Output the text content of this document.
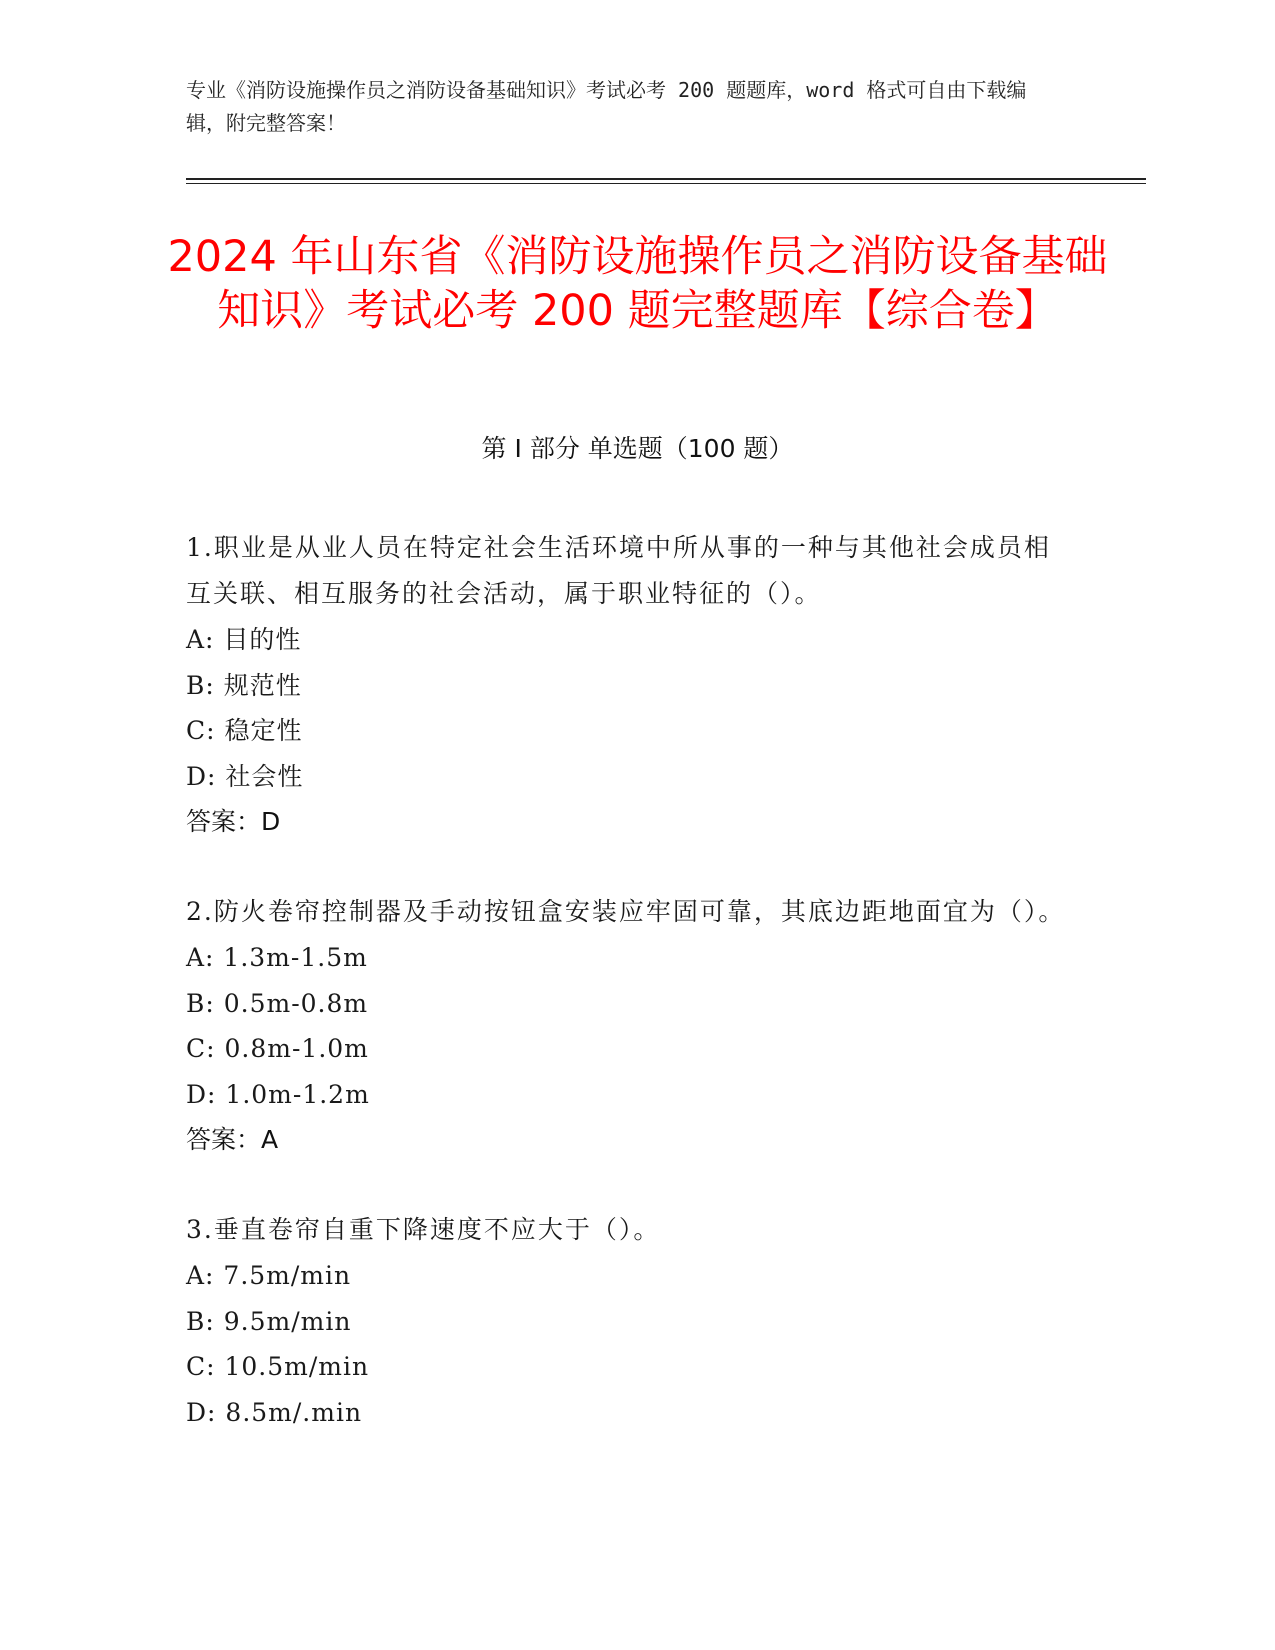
专业《消防设施操作员之消防设备基础知识》考试必考 200 题题库，word 格式可自由下载编辑，附完整答案！
2024 年山东省《消防设施操作员之消防设备基础知识》考试必考 200 题完整题库【综合卷】
第 I 部分 单选题（100 题）
1.职业是从业人员在特定社会生活环境中所从事的一种与其他社会成员相互关联、相互服务的社会活动，属于职业特征的（）。
A: 目的性
B: 规范性
C: 稳定性
D: 社会性
答案：D
2.防火卷帘控制器及手动按钮盒安装应牢固可靠，其底边距地面宜为（）。
A: 1.3m-1.5m
B: 0.5m-0.8m
C: 0.8m-1.0m
D: 1.0m-1.2m
答案：A
3.垂直卷帘自重下降速度不应大于（）。
A: 7.5m/min
B: 9.5m/min
C: 10.5m/min
D: 8.5m/.min
